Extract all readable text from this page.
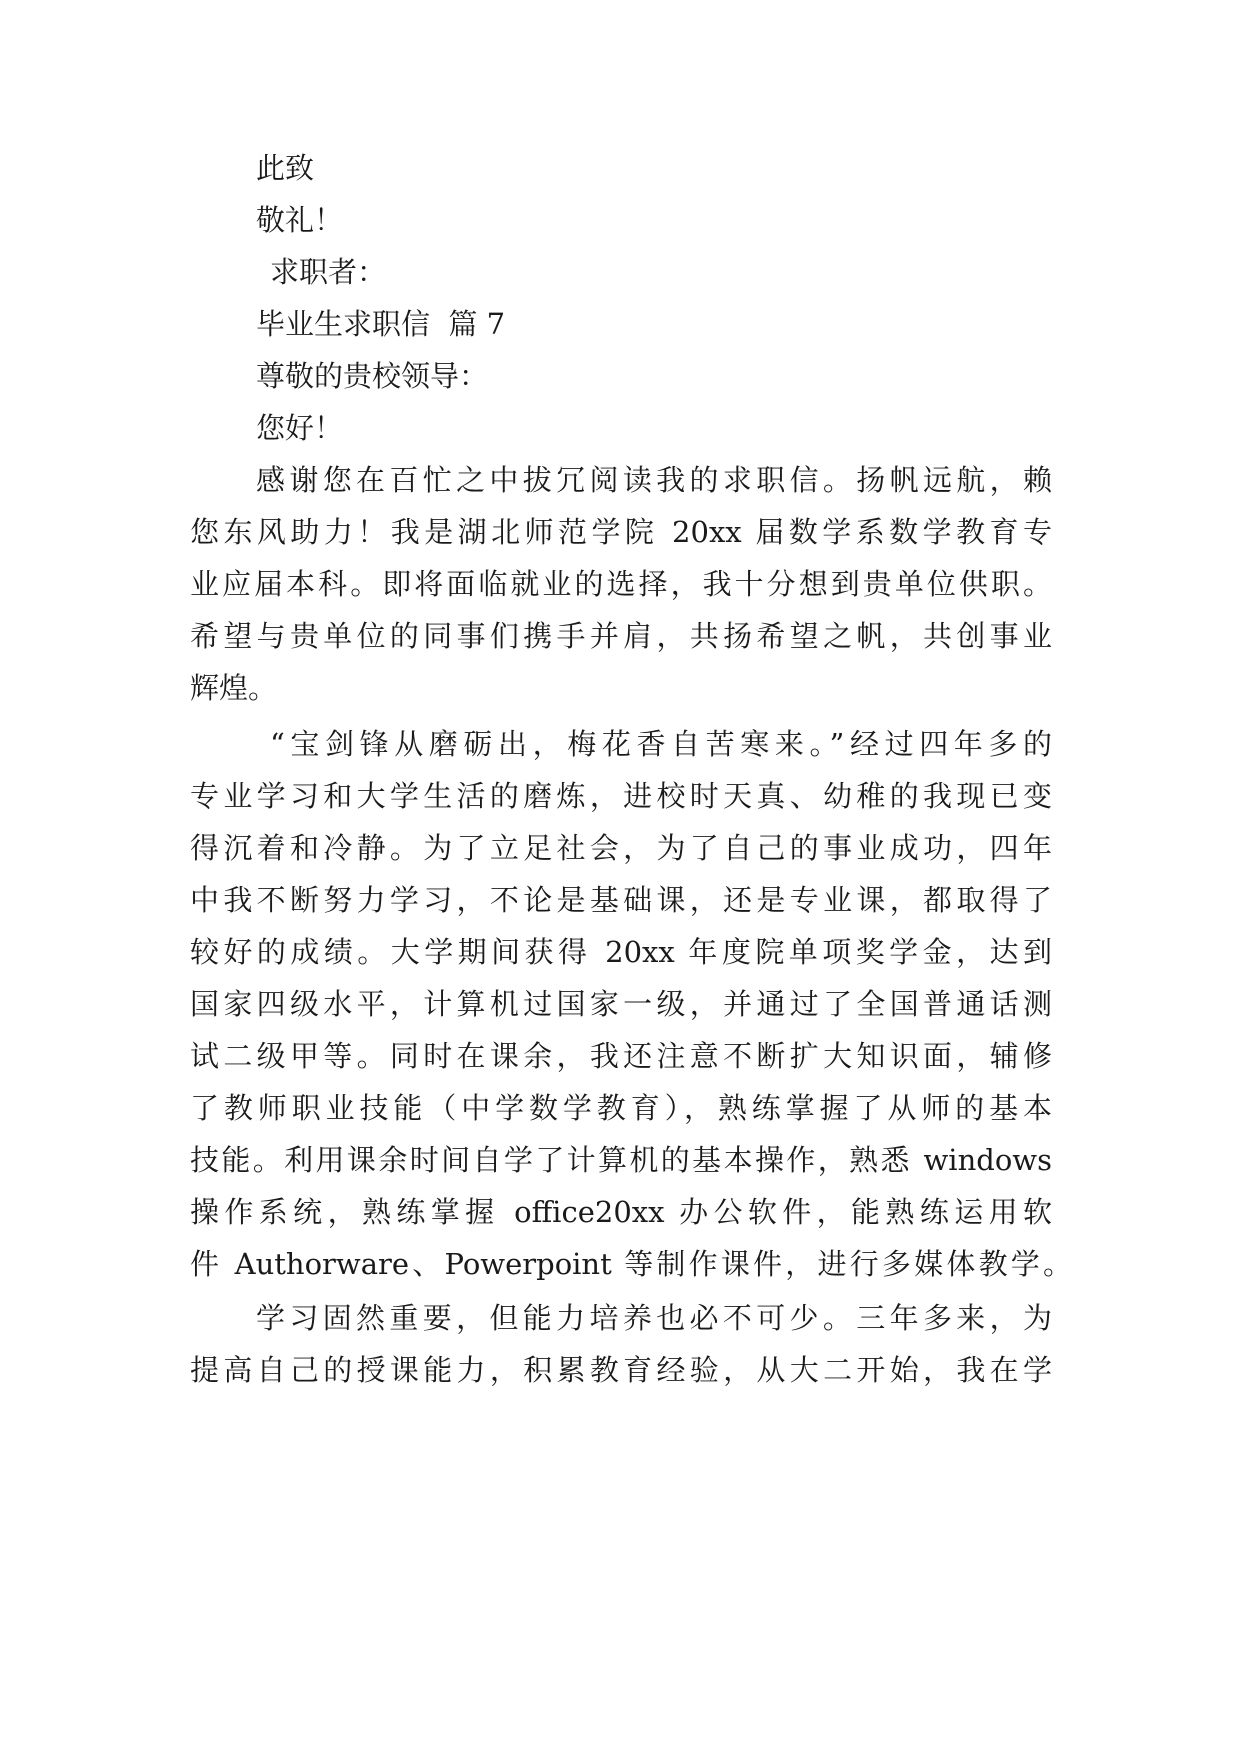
此致
敬礼！
求职者：
毕业生求职信  篇 7
尊敬的贵校领导：
您好！
感谢您在百忙之中拔冗阅读我的求职信。扬帆远航，赖
您东风助力！我是湖北师范学院 20xx 届数学系数学教育专
业应届本科。即将面临就业的选择，我十分想到贵单位供职。
希望与贵单位的同事们携手并肩，共扬希望之帆，共创事业
辉煌。
“宝剑锋从磨砺出，梅花香自苦寒来。”经过四年多的
专业学习和大学生活的磨炼，进校时天真、幼稚的我现已变
得沉着和冷静。为了立足社会，为了自己的事业成功，四年
中我不断努力学习，不论是基础课，还是专业课，都取得了
较好的成绩。大学期间获得 20xx 年度院单项奖学金，达到
国家四级水平，计算机过国家一级，并通过了全国普通话测
试二级甲等。同时在课余，我还注意不断扩大知识面，辅修
了教师职业技能（中学数学教育），熟练掌握了从师的基本
技能。利用课余时间自学了计算机的基本操作，熟悉 windows
操作系统，熟练掌握 office20xx 办公软件，能熟练运用软
件 Authorware、Powerpoint 等制作课件，进行多媒体教学。
学习固然重要，但能力培养也必不可少。三年多来，为
提高自己的授课能力，积累教育经验，从大二开始，我在学
